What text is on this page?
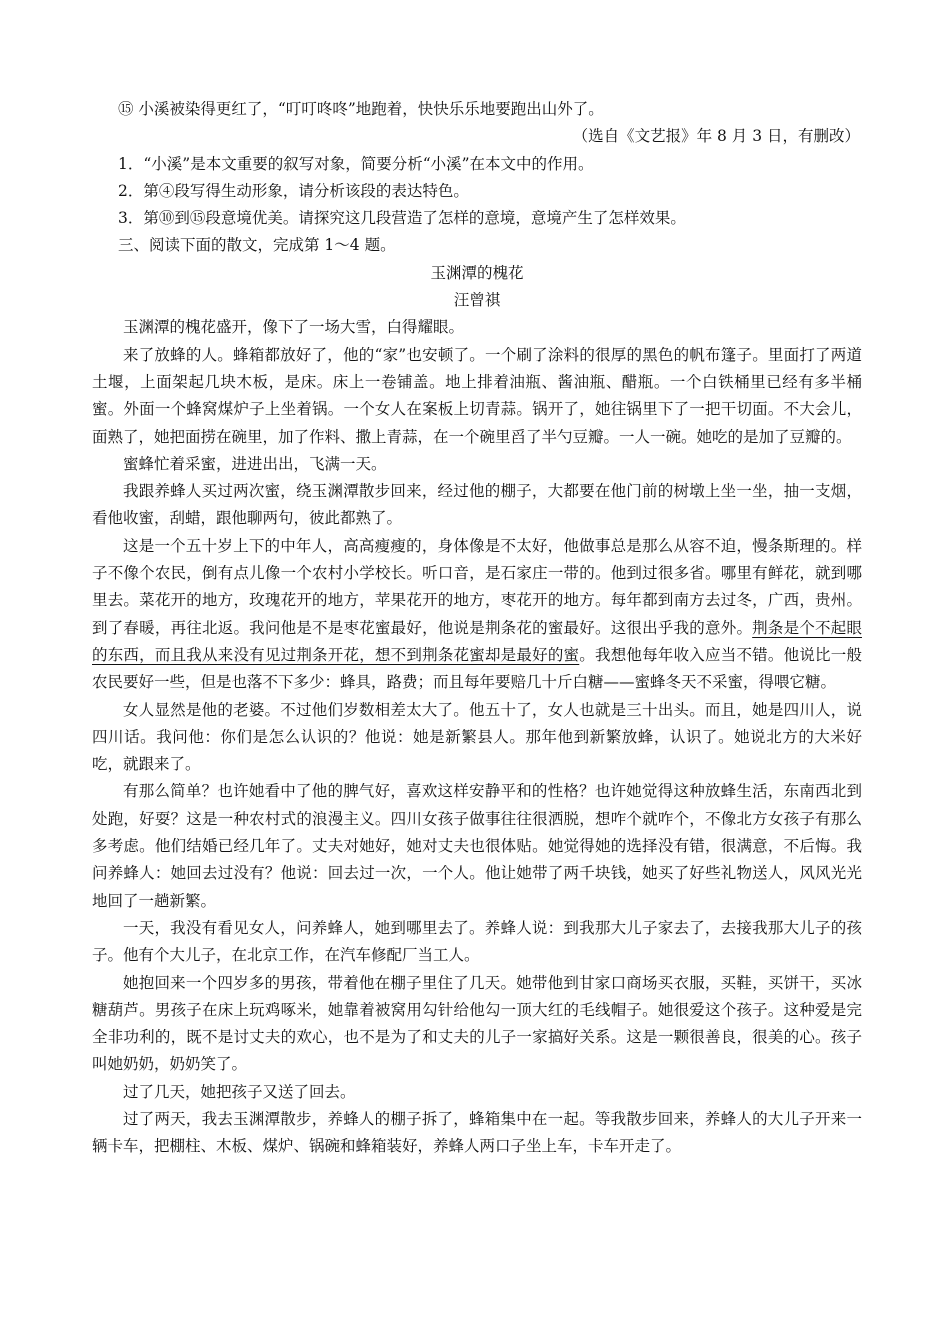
⑮ 小溪被染得更红了，“叮叮咚咚”地跑着，快快乐乐地要跑出山外了。

（选自《文艺报》年 8 月 3 日，有删改）

1．“小溪”是本文重要的叙写对象，简要分析“小溪”在本文中的作用。

2．第④段写得生动形象，请分析该段的表达特色。

3．第⑩到⑮段意境优美。请探究这几段营造了怎样的意境，意境产生了怎样效果。

三、阅读下面的散文，完成第 1～4 题。

玉渊潭的槐花

汪曾祺

玉渊潭的槐花盛开，像下了一场大雪，白得耀眼。

来了放蜂的人。蜂箱都放好了，他的“家”也安顿了。一个刷了涂料的很厚的黑色的帆布篷子。里面打了两道土堰，上面架起几块木板，是床。床上一卷铺盖。地上排着油瓶、酱油瓶、醋瓶。一个白铁桶里已经有多半桶蜜。外面一个蜂窝煤炉子上坐着锅。一个女人在案板上切青蒜。锅开了，她往锅里下了一把干切面。不大会儿，面熟了，她把面捞在碗里，加了作料、撒上青蒜，在一个碗里舀了半勺豆瓣。一人一碗。她吃的是加了豆瓣的。

蜜蜂忙着采蜜，进进出出，飞满一天。

我跟养蜂人买过两次蜜，绕玉渊潭散步回来，经过他的棚子，大都要在他门前的树墩上坐一坐，抽一支烟，看他收蜜，刮蜡，跟他聊两句，彼此都熟了。

这是一个五十岁上下的中年人，高高瘦瘦的，身体像是不太好，他做事总是那么从容不迫，慢条斯理的。样子不像个农民，倒有点儿像一个农村小学校长。听口音，是石家庄一带的。他到过很多省。哪里有鲜花，就到哪里去。菜花开的地方，玫瑰花开的地方，苹果花开的地方，枣花开的地方。每年都到南方去过冬，广西，贵州。到了春暖，再往北返。我问他是不是枣花蜜最好，他说是荆条花的蜜最好。这很出乎我的意外。荆条是个不起眼的东西，而且我从来没有见过荆条开花，想不到荆条花蜜却是最好的蜜。我想他每年收入应当不错。他说比一般农民要好一些，但是也落不下多少：蜂具，路费；而且每年要赔几十斤白糖——蜜蜂冬天不采蜜，得喂它糖。

女人显然是他的老婆。不过他们岁数相差太大了。他五十了，女人也就是三十出头。而且，她是四川人，说四川话。我问他：你们是怎么认识的？他说：她是新繁县人。那年他到新繁放蜂，认识了。她说北方的大米好吃，就跟来了。

有那么简单？也许她看中了他的脾气好，喜欢这样安静平和的性格？也许她觉得这种放蜂生活，东南西北到处跑，好耍？这是一种农村式的浪漫主义。四川女孩子做事往往很洒脱，想咋个就咋个，不像北方女孩子有那么多考虑。他们结婚已经几年了。丈夫对她好，她对丈夫也很体贴。她觉得她的选择没有错，很满意，不后悔。我问养蜂人：她回去过没有？他说：回去过一次，一个人。他让她带了两千块钱，她买了好些礼物送人，风风光光地回了一趟新繁。

一天，我没有看见女人，问养蜂人，她到哪里去了。养蜂人说：到我那大儿子家去了，去接我那大儿子的孩子。他有个大儿子，在北京工作，在汽车修配厂当工人。

她抱回来一个四岁多的男孩，带着他在棚子里住了几天。她带他到甘家口商场买衣服，买鞋，买饼干，买冰糖葫芦。男孩子在床上玩鸡啄米，她靠着被窝用勾针给他勾一顶大红的毛线帽子。她很爱这个孩子。这种爱是完全非功利的，既不是讨丈夫的欢心，也不是为了和丈夫的儿子一家搞好关系。这是一颗很善良，很美的心。孩子叫她奶奶，奶奶笑了。

过了几天，她把孩子又送了回去。

过了两天，我去玉渊潭散步，养蜂人的棚子拆了，蜂箱集中在一起。等我散步回来，养蜂人的大儿子开来一辆卡车，把棚柱、木板、煤炉、锅碗和蜂箱装好，养蜂人两口子坐上车，卡车开走了。
